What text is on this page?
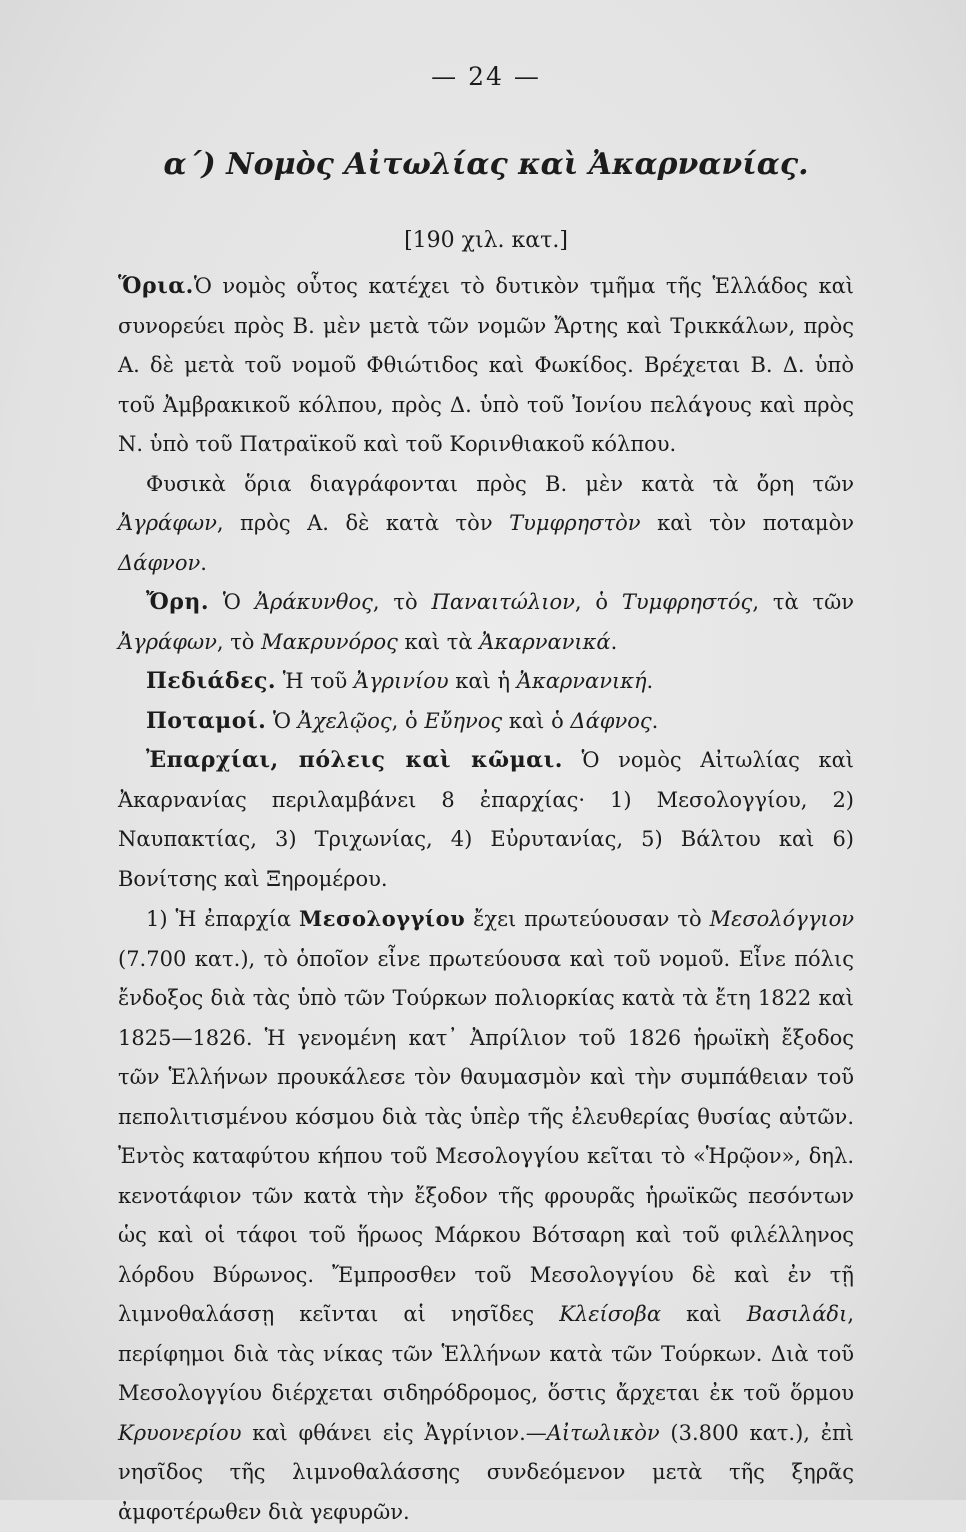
— 24 —
α΄) Νομὸς Αἰτωλίας καὶ Ἀκαρνανίας.
[190 χιλ. κατ.]

Ὅρια.Ὁ νομὸς οὗτος κατέχει τὸ δυτικὸν τμῆμα τῆς Ἑλλάδος καὶ συνορεύει πρὸς Β. μὲν μετὰ τῶν νομῶν Ἄρτης καὶ Τρικκάλων, πρὸς Α. δὲ μετὰ τοῦ νομοῦ Φθιώτιδος καὶ Φωκίδος. Βρέχεται Β. Δ. ὑπὸ τοῦ Ἀμβρακικοῦ κόλπου, πρὸς Δ. ὑπὸ τοῦ Ἰονίου πελάγους καὶ πρὸς Ν. ὑπὸ τοῦ Πατραϊκοῦ καὶ τοῦ Κορινθιακοῦ κόλπου.

Φυσικὰ ὅρια διαγράφονται πρὸς Β. μὲν κατὰ τὰ ὄρη τῶν Ἀγράφων, πρὸς Α. δὲ κατὰ τὸν Τυμφρηστὸν καὶ τὸν ποταμὸν Δάφνον.

Ὄρη. Ὁ Ἀράκυνθος, τὸ Παναιτώλιον, ὁ Τυμφρηστός, τὰ τῶν Ἀγράφων, τὸ Μακρυνόρος καὶ τὰ Ἀκαρνανικά.

Πεδιάδες. Ἡ τοῦ Ἀγρινίου καὶ ἡ Ἀκαρνανική.

Ποταμοί. Ὁ Ἀχελῷος, ὁ Εὔηνος καὶ ὁ Δάφνος.

Ἐπαρχίαι, πόλεις καὶ κῶμαι. Ὁ νομὸς Αἰτωλίας καὶ Ἀκαρνανίας περιλαμβάνει 8 ἐπαρχίας· 1) Μεσολογγίου, 2) Ναυπακτίας, 3) Τριχωνίας, 4) Εὐρυτανίας, 5) Βάλτου καὶ 6) Βονίτσης καὶ Ξηρομέρου.

1) Ἡ ἐπαρχία Μεσολογγίου ἔχει πρωτεύουσαν τὸ Μεσολόγγιον (7.700 κατ.), τὸ ὁποῖον εἶνε πρωτεύουσα καὶ τοῦ νομοῦ. Εἶνε πόλις ἔνδοξος διὰ τὰς ὑπὸ τῶν Τούρκων πολιορκίας κατὰ τὰ ἔτη 1822 καὶ 1825—1826. Ἡ γενομένη κατ᾽ Ἀπρίλιον τοῦ 1826 ἡρωϊκὴ ἔξοδος τῶν Ἑλλήνων προυκάλεσε τὸν θαυμασμὸν καὶ τὴν συμπάθειαν τοῦ πεπολιτισμένου κόσμου διὰ τὰς ὑπὲρ τῆς ἐλευθερίας θυσίας αὐτῶν. Ἐντὸς καταφύτου κήπου τοῦ Μεσολογγίου κεῖται τὸ «Ἡρῷον», δηλ. κενοτάφιον τῶν κατὰ τὴν ἔξοδον τῆς φρουρᾶς ἡρωϊκῶς πεσόντων ὡς καὶ οἱ τάφοι τοῦ ἥρωος Μάρκου Βότσαρη καὶ τοῦ φιλέλληνος λόρδου Βύρωνος. Ἔμπροσθεν τοῦ Μεσολογγίου δὲ καὶ ἐν τῇ λιμνοθαλάσσῃ κεῖνται αἱ νησῖδες Κλείσοβα καὶ Βασιλάδι, περίφημοι διὰ τὰς νίκας τῶν Ἑλλήνων κατὰ τῶν Τούρκων. Διὰ τοῦ Μεσολογγίου διέρχεται σιδηρόδρομος, ὅστις ἄρχεται ἐκ τοῦ ὅρμου Κρυονερίου καὶ φθάνει εἰς Ἀγρίνιον.—Αἰτωλικὸν (3.800 κατ.), ἐπὶ νησῖδος τῆς λιμνοθαλάσσης συνδεόμενον μετὰ τῆς ξηρᾶς ἀμφοτέρωθεν διὰ γεφυρῶν.
